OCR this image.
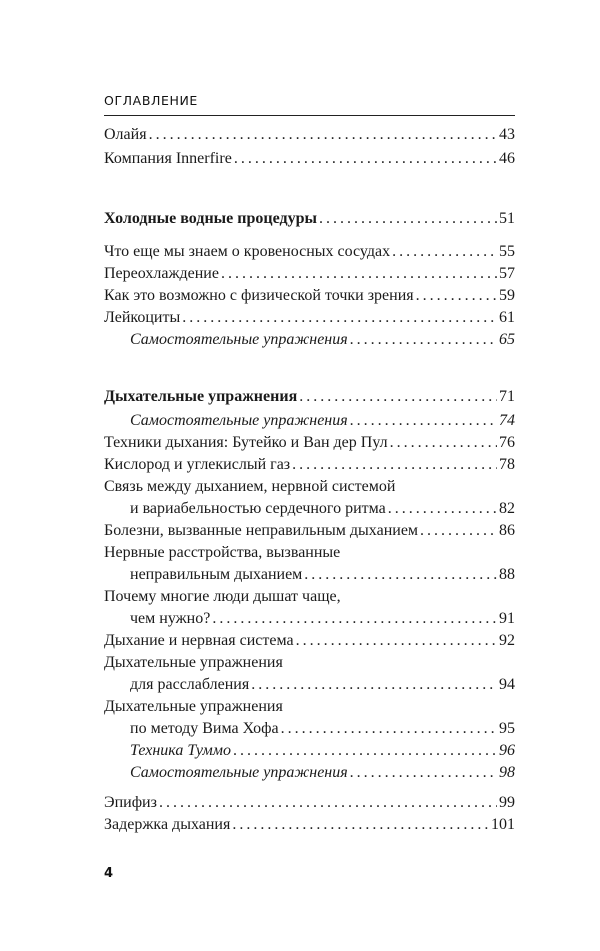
ОГЛАВЛЕНИЕ
Олайя . . .	43
Компания Innerfire . . .	46
Холодные водные процедуры . . .	51
Что еще мы знаем о кровеносных сосудах . . .	55
Переохлаждение . . .	57
Как это возможно с физической точки зрения . . .	59
Лейкоциты . . .	61
Самостоятельные упражнения . . .	65
Дыхательные упражнения . . .	71
Самостоятельные упражнения . . .	74
Техники дыхания: Бутейко и Ван дер Пул . . .	76
Кислород и углекислый газ . . .	78
Связь между дыханием, нервной системой
и вариабельностью сердечного ритма . . .	82
Болезни, вызванные неправильным дыханием . . .	86
Нервные расстройства, вызванные
неправильным дыханием . . .	88
Почему многие люди дышат чаще,
чем нужно? . . .	91
Дыхание и нервная система . . .	92
Дыхательные упражнения
для расслабления . . .	94
Дыхательные упражнения
по методу Вима Хофа . . .	95
Техника Туммо . . .	96
Самостоятельные упражнения . . .	98
Эпифиз . . .	99
Задержка дыхания . . .	101
4
